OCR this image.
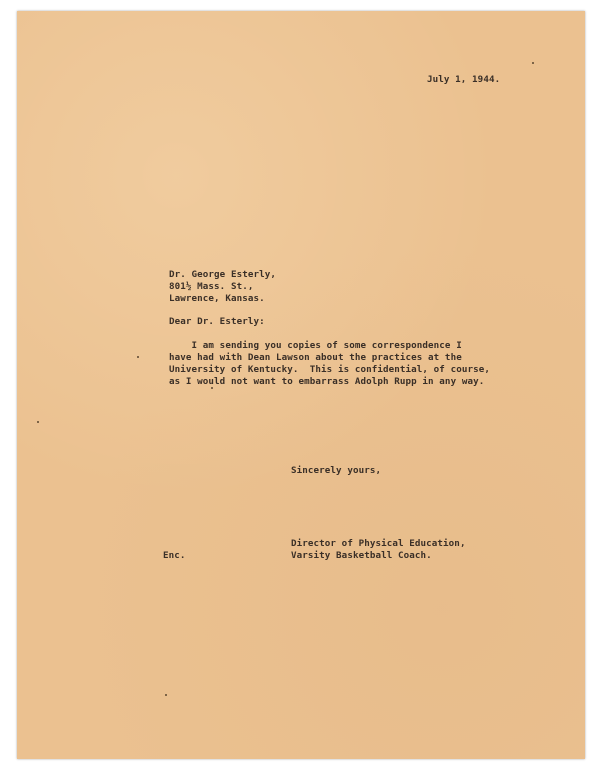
July 1, 1944.
Dr. George Esterly,
801½ Mass. St.,
Lawrence, Kansas.
Dear Dr. Esterly:
I am sending you copies of some correspondence I
have had with Dean Lawson about the practices at the
University of Kentucky.  This is confidential, of course,
as I would not want to embarrass Adolph Rupp in any way.
Sincerely yours,
Director of Physical Education,
Varsity Basketball Coach.
Enc.
